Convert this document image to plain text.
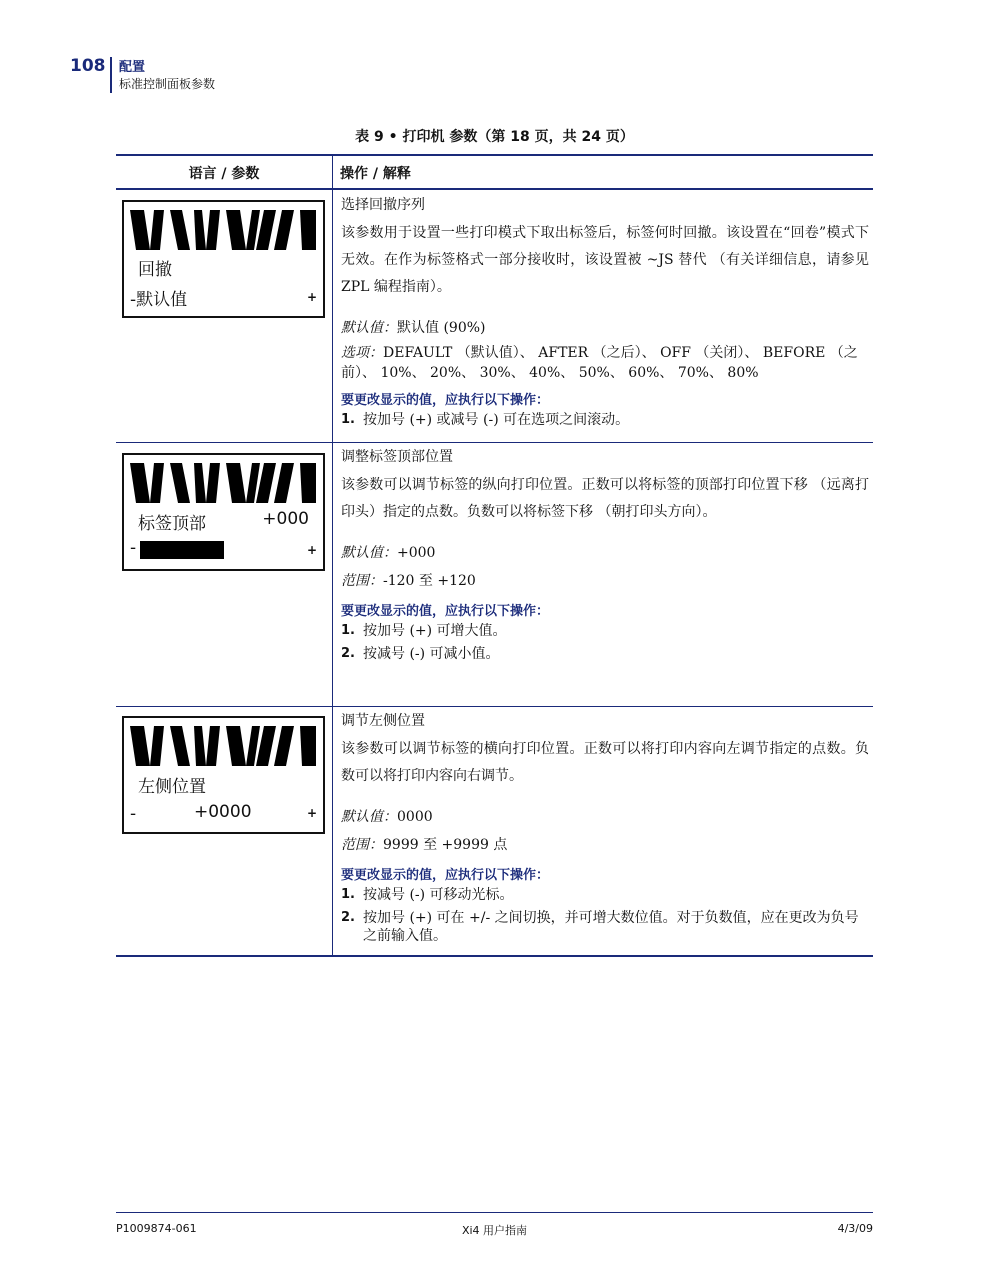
108 配置
标准控制面板参数
表 9 • 打印机 参数（第 18 页，共 24 页）
语言 / 参数	操作 / 解释
回撤
-默认值	+
选择回撤序列

该参数用于设置一些打印模式下取出标签后，标签何时回撤。该设置在“回卷”模式下无效。在作为标签格式一部分接收时，该设置被 ~JS 替代 （有关详细信息，请参见 ZPL 编程指南）。

默认值：默认值 (90%)

选项：DEFAULT （默认值）、 AFTER （之后）、 OFF （关闭）、 BEFORE （之前）、 10%、 20%、 30%、 40%、 50%、 60%、 70%、 80%

要更改显示的值，应执行以下操作：
1. 按加号 (+) 或减号 (-) 可在选项之间滚动。
标签顶部	+000
-	+
调整标签顶部位置

该参数可以调节标签的纵向打印位置。正数可以将标签的顶部打印位置下移 （远离打印头）指定的点数。负数可以将标签下移 （朝打印头方向）。

默认值：+000

范围：-120 至 +120

要更改显示的值，应执行以下操作：
1. 按加号 (+) 可增大值。
2. 按减号 (-) 可减小值。
左侧位置
-	+0000	+
调节左侧位置

该参数可以调节标签的横向打印位置。正数可以将打印内容向左调节指定的点数。负数可以将打印内容向右调节。

默认值：0000

范围：9999 至 +9999 点

要更改显示的值，应执行以下操作：
1. 按减号 (-) 可移动光标。
2. 按加号 (+) 可在 +/- 之间切换，并可增大数位值。对于负数值，应在更改为负号之前输入值。
P1009874-061	Xi4 用户指南	4/3/09
